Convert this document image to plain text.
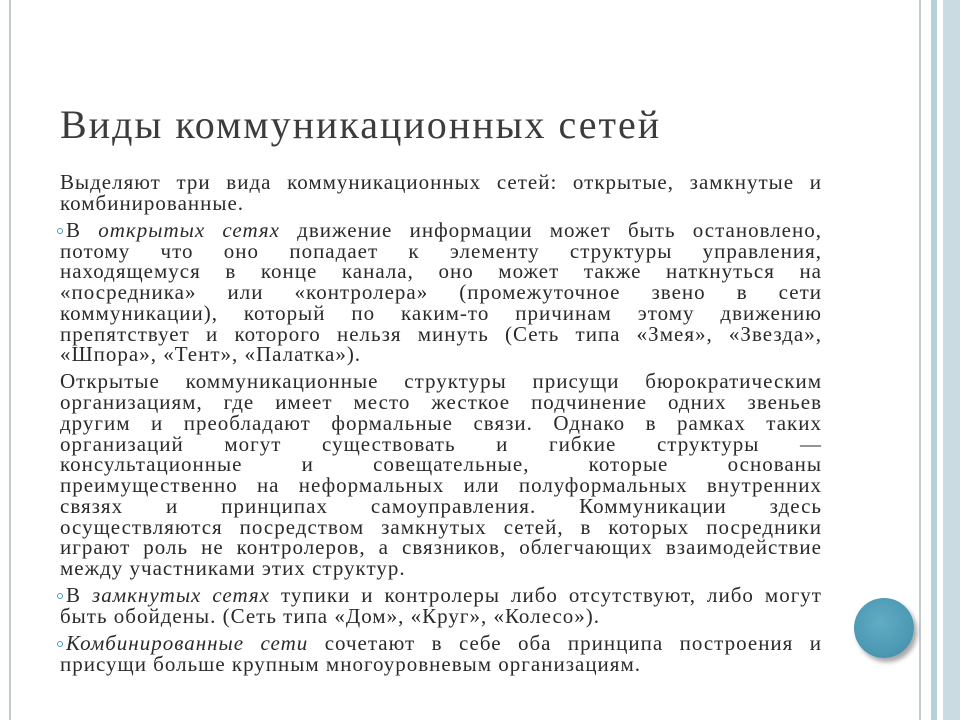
Виды коммуникационных сетей
Выделяют три вида коммуникационных сетей: открытые, замкнутые и
комбинированные.
В открытых сетях движение информации может быть остановлено,
потому что оно попадает к элементу структуры управления,
находящемуся в конце канала, оно может также наткнуться на
«посредника» или «контролера» (промежуточное звено в сети
коммуникации), который по каким-то причинам этому движению
препятствует и которого нельзя минуть (Сеть типа «Змея», «Звезда»,
«Шпора», «Тент», «Палатка»).
Открытые коммуникационные структуры присущи бюрократическим
организациям, где имеет место жесткое подчинение одних звеньев
другим и преобладают формальные связи. Однако в рамках таких
организаций могут существовать и гибкие структуры —
консультационные и совещательные, которые основаны
преимущественно на неформальных или полуформальных внутренних
связях и принципах самоуправления. Коммуникации здесь
осуществляются посредством замкнутых сетей, в которых посредники
играют роль не контролеров, а связников, облегчающих взаимодействие
между участниками этих структур.
В замкнутых сетях тупики и контролеры либо отсутствуют, либо могут
быть обойдены. (Сеть типа «Дом», «Круг», «Колесо»).
Комбинированные сети сочетают в себе оба принципа построения и
присущи больше крупным многоуровневым организациям.
